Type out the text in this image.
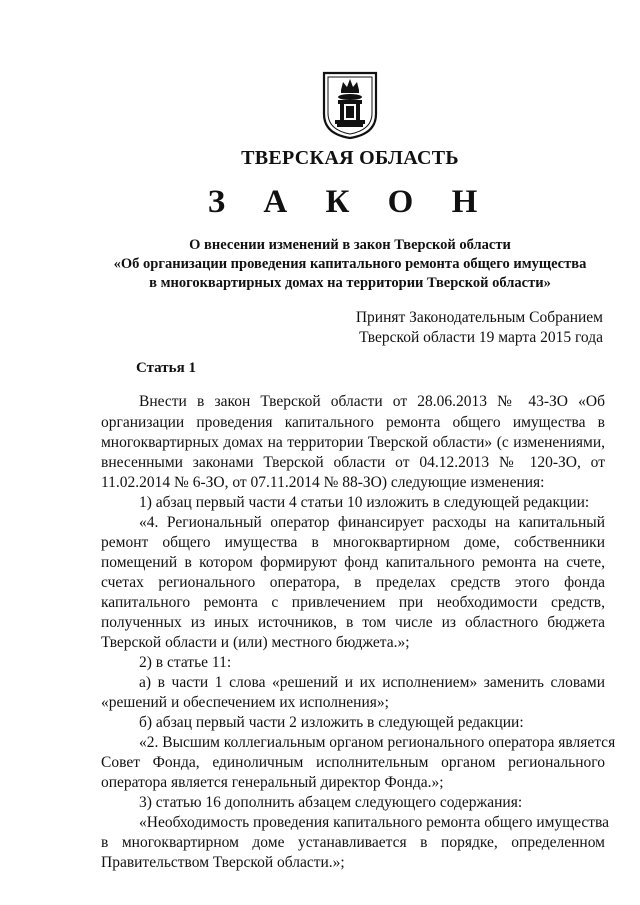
ТВЕРСКАЯ ОБЛАСТЬ
З А К О Н
О внесении изменений в закон Тверской области
«Об организации проведения капитального ремонта общего имущества
в многоквартирных домах на территории Тверской области»
Принят Законодательным Собранием
Тверской области 19 марта 2015 года
Статья 1
Внести в закон Тверской области от 28.06.2013 № 43-ЗО «Об
организации проведения капитального ремонта общего имущества в
многоквартирных домах на территории Тверской области» (с изменениями,
внесенными законами Тверской области от 04.12.2013 № 120-ЗО, от
11.02.2014 № 6-ЗО, от 07.11.2014 № 88-ЗО) следующие изменения:
1) абзац первый части 4 статьи 10 изложить в следующей редакции:
«4. Региональный оператор финансирует расходы на капитальный
ремонт общего имущества в многоквартирном доме, собственники
помещений в котором формируют фонд капитального ремонта на счете,
счетах регионального оператора, в пределах средств этого фонда
капитального ремонта с привлечением при необходимости средств,
полученных из иных источников, в том числе из областного бюджета
Тверской области и (или) местного бюджета.»;
2) в статье 11:
а) в части 1 слова «решений и их исполнением» заменить словами
«решений и обеспечением их исполнения»;
б) абзац первый части 2 изложить в следующей редакции:
«2. Высшим коллегиальным органом регионального оператора является
Совет Фонда, единоличным исполнительным органом регионального
оператора является генеральный директор Фонда.»;
3) статью 16 дополнить абзацем следующего содержания:
«Необходимость проведения капитального ремонта общего имущества
в многоквартирном доме устанавливается в порядке, определенном
Правительством Тверской области.»;
